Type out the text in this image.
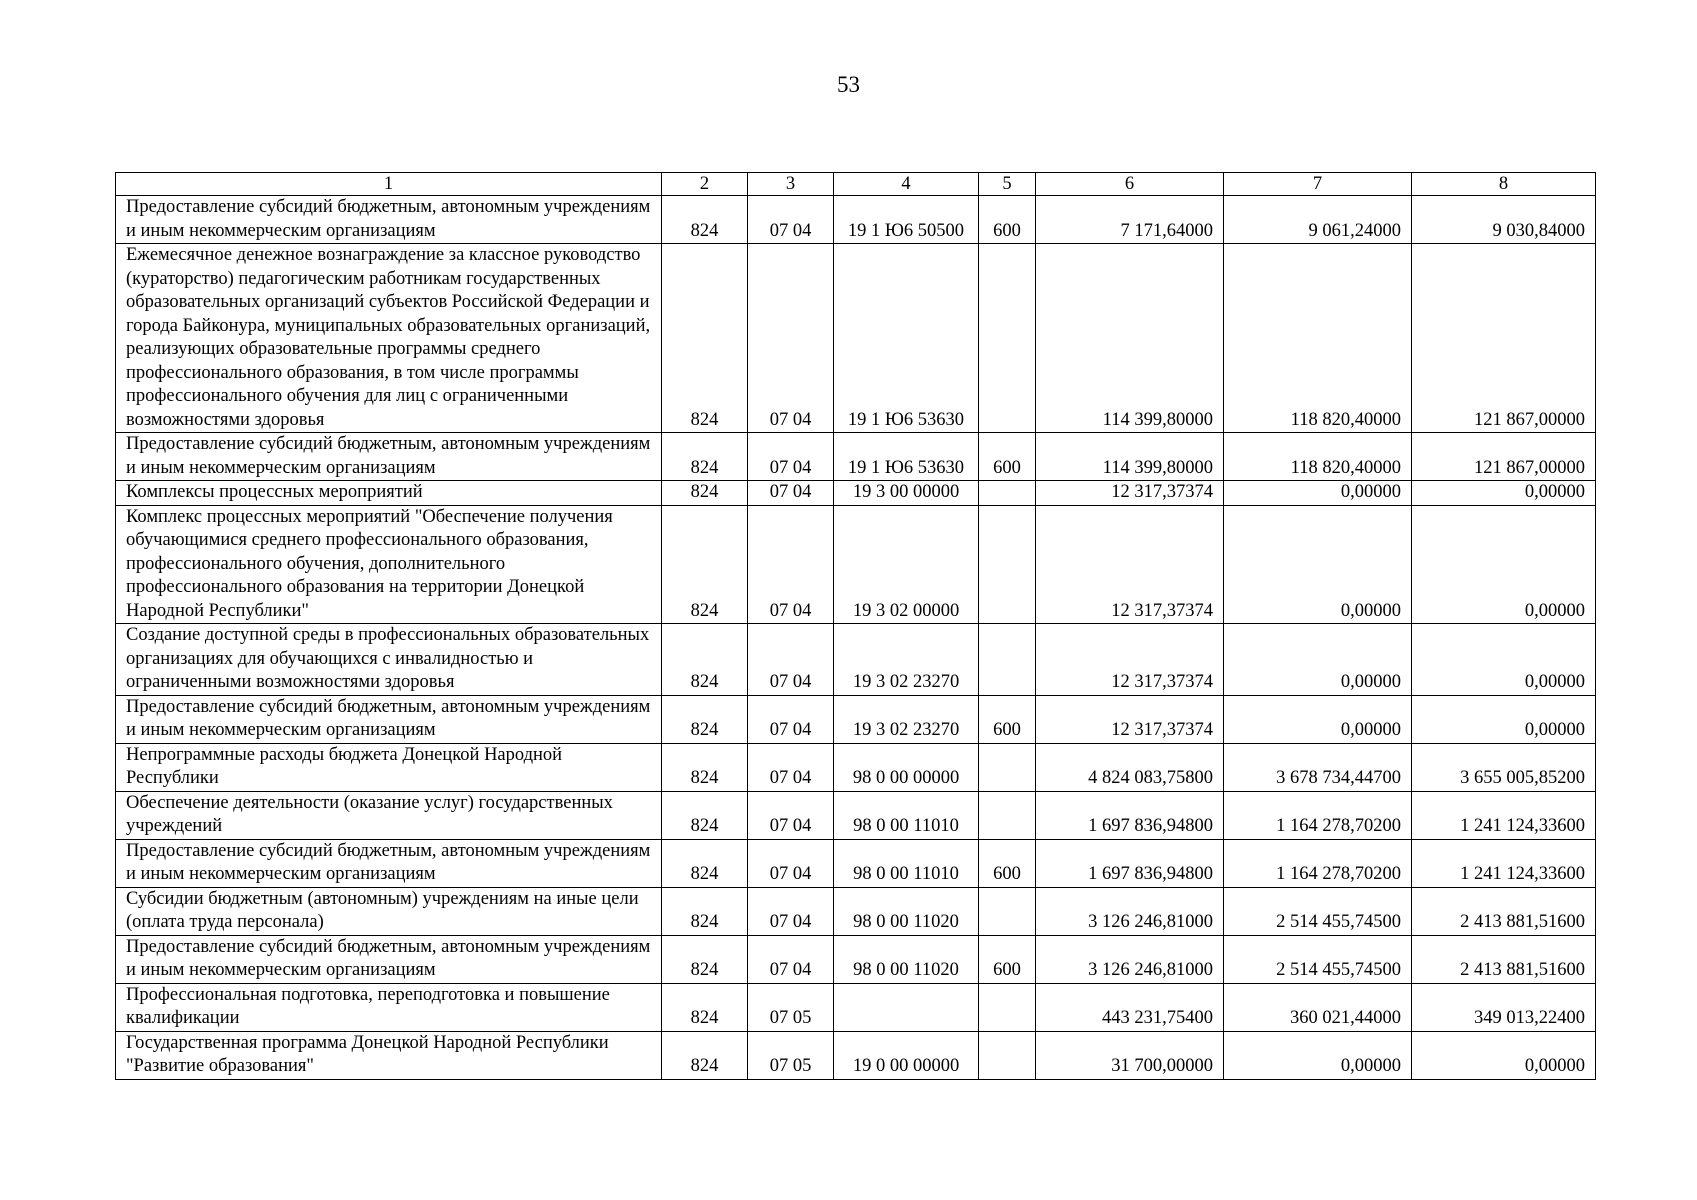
53
1	2	3	4	5	6	7	8
Предоставление субсидий бюджетным, автономным учреждениям и иным некоммерческим организациям	824	07 04	19 1 Ю6 50500	600	7 171,64000	9 061,24000	9 030,84000
Ежемесячное денежное вознаграждение за классное руководство (кураторство) педагогическим работникам государственных образовательных организаций субъектов Российской Федерации и города Байконура, муниципальных образовательных организаций, реализующих образовательные программы среднего профессионального образования, в том числе программы профессионального обучения для лиц с ограниченными возможностями здоровья	824	07 04	19 1 Ю6 53630		114 399,80000	118 820,40000	121 867,00000
Предоставление субсидий бюджетным, автономным учреждениям и иным некоммерческим организациям	824	07 04	19 1 Ю6 53630	600	114 399,80000	118 820,40000	121 867,00000
Комплексы процессных мероприятий	824	07 04	19 3 00 00000		12 317,37374	0,00000	0,00000
Комплекс процессных мероприятий "Обеспечение получения обучающимися среднего профессионального образования, профессионального обучения, дополнительного профессионального образования на территории Донецкой Народной Республики"	824	07 04	19 3 02 00000		12 317,37374	0,00000	0,00000
Создание доступной среды в профессиональных образовательных организациях для обучающихся с инвалидностью и ограниченными возможностями здоровья	824	07 04	19 3 02 23270		12 317,37374	0,00000	0,00000
Предоставление субсидий бюджетным, автономным учреждениям и иным некоммерческим организациям	824	07 04	19 3 02 23270	600	12 317,37374	0,00000	0,00000
Непрограммные расходы бюджета Донецкой Народной Республики	824	07 04	98 0 00 00000		4 824 083,75800	3 678 734,44700	3 655 005,85200
Обеспечение деятельности (оказание услуг) государственных учреждений	824	07 04	98 0 00 11010		1 697 836,94800	1 164 278,70200	1 241 124,33600
Предоставление субсидий бюджетным, автономным учреждениям и иным некоммерческим организациям	824	07 04	98 0 00 11010	600	1 697 836,94800	1 164 278,70200	1 241 124,33600
Субсидии бюджетным (автономным) учреждениям на иные цели (оплата труда персонала)	824	07 04	98 0 00 11020		3 126 246,81000	2 514 455,74500	2 413 881,51600
Предоставление субсидий бюджетным, автономным учреждениям и иным некоммерческим организациям	824	07 04	98 0 00 11020	600	3 126 246,81000	2 514 455,74500	2 413 881,51600
Профессиональная подготовка, переподготовка и повышение квалификации	824	07 05			443 231,75400	360 021,44000	349 013,22400
Государственная программа Донецкой Народной Республики "Развитие образования"	824	07 05	19 0 00 00000		31 700,00000	0,00000	0,00000
